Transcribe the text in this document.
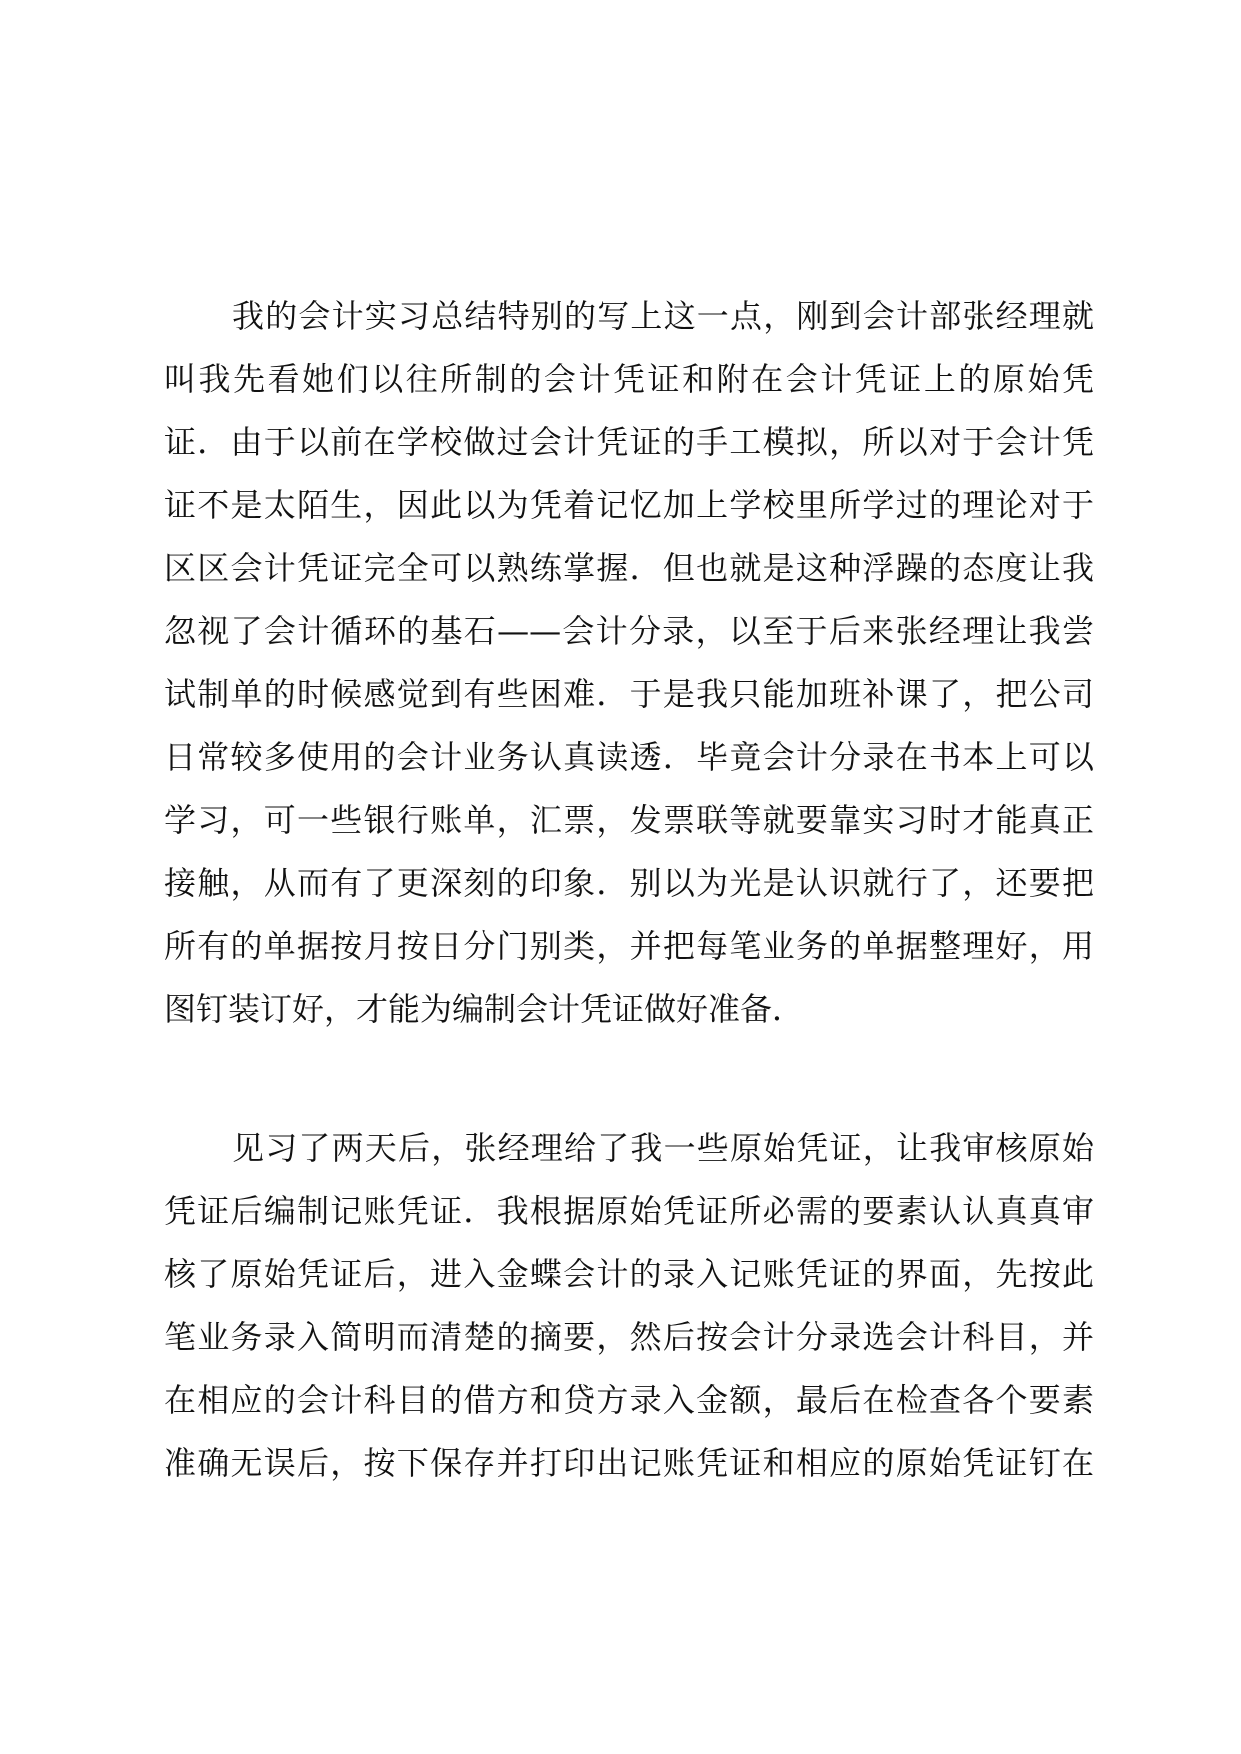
我的会计实习总结特别的写上这一点，刚到会计部张经理就
叫我先看她们以往所制的会计凭证和附在会计凭证上的原始凭
证．由于以前在学校做过会计凭证的手工模拟，所以对于会计凭
证不是太陌生，因此以为凭着记忆加上学校里所学过的理论对于
区区会计凭证完全可以熟练掌握．但也就是这种浮躁的态度让我
忽视了会计循环的基石——会计分录，以至于后来张经理让我尝
试制单的时候感觉到有些困难．于是我只能加班补课了，把公司
日常较多使用的会计业务认真读透．毕竟会计分录在书本上可以
学习，可一些银行账单，汇票，发票联等就要靠实习时才能真正
接触，从而有了更深刻的印象．别以为光是认识就行了，还要把
所有的单据按月按日分门别类，并把每笔业务的单据整理好，用
图钉装订好，才能为编制会计凭证做好准备．
见习了两天后，张经理给了我一些原始凭证，让我审核原始
凭证后编制记账凭证．我根据原始凭证所必需的要素认认真真审
核了原始凭证后，进入金蝶会计的录入记账凭证的界面，先按此
笔业务录入简明而清楚的摘要，然后按会计分录选会计科目，并
在相应的会计科目的借方和贷方录入金额，最后在检查各个要素
准确无误后，按下保存并打印出记账凭证和相应的原始凭证钉在
